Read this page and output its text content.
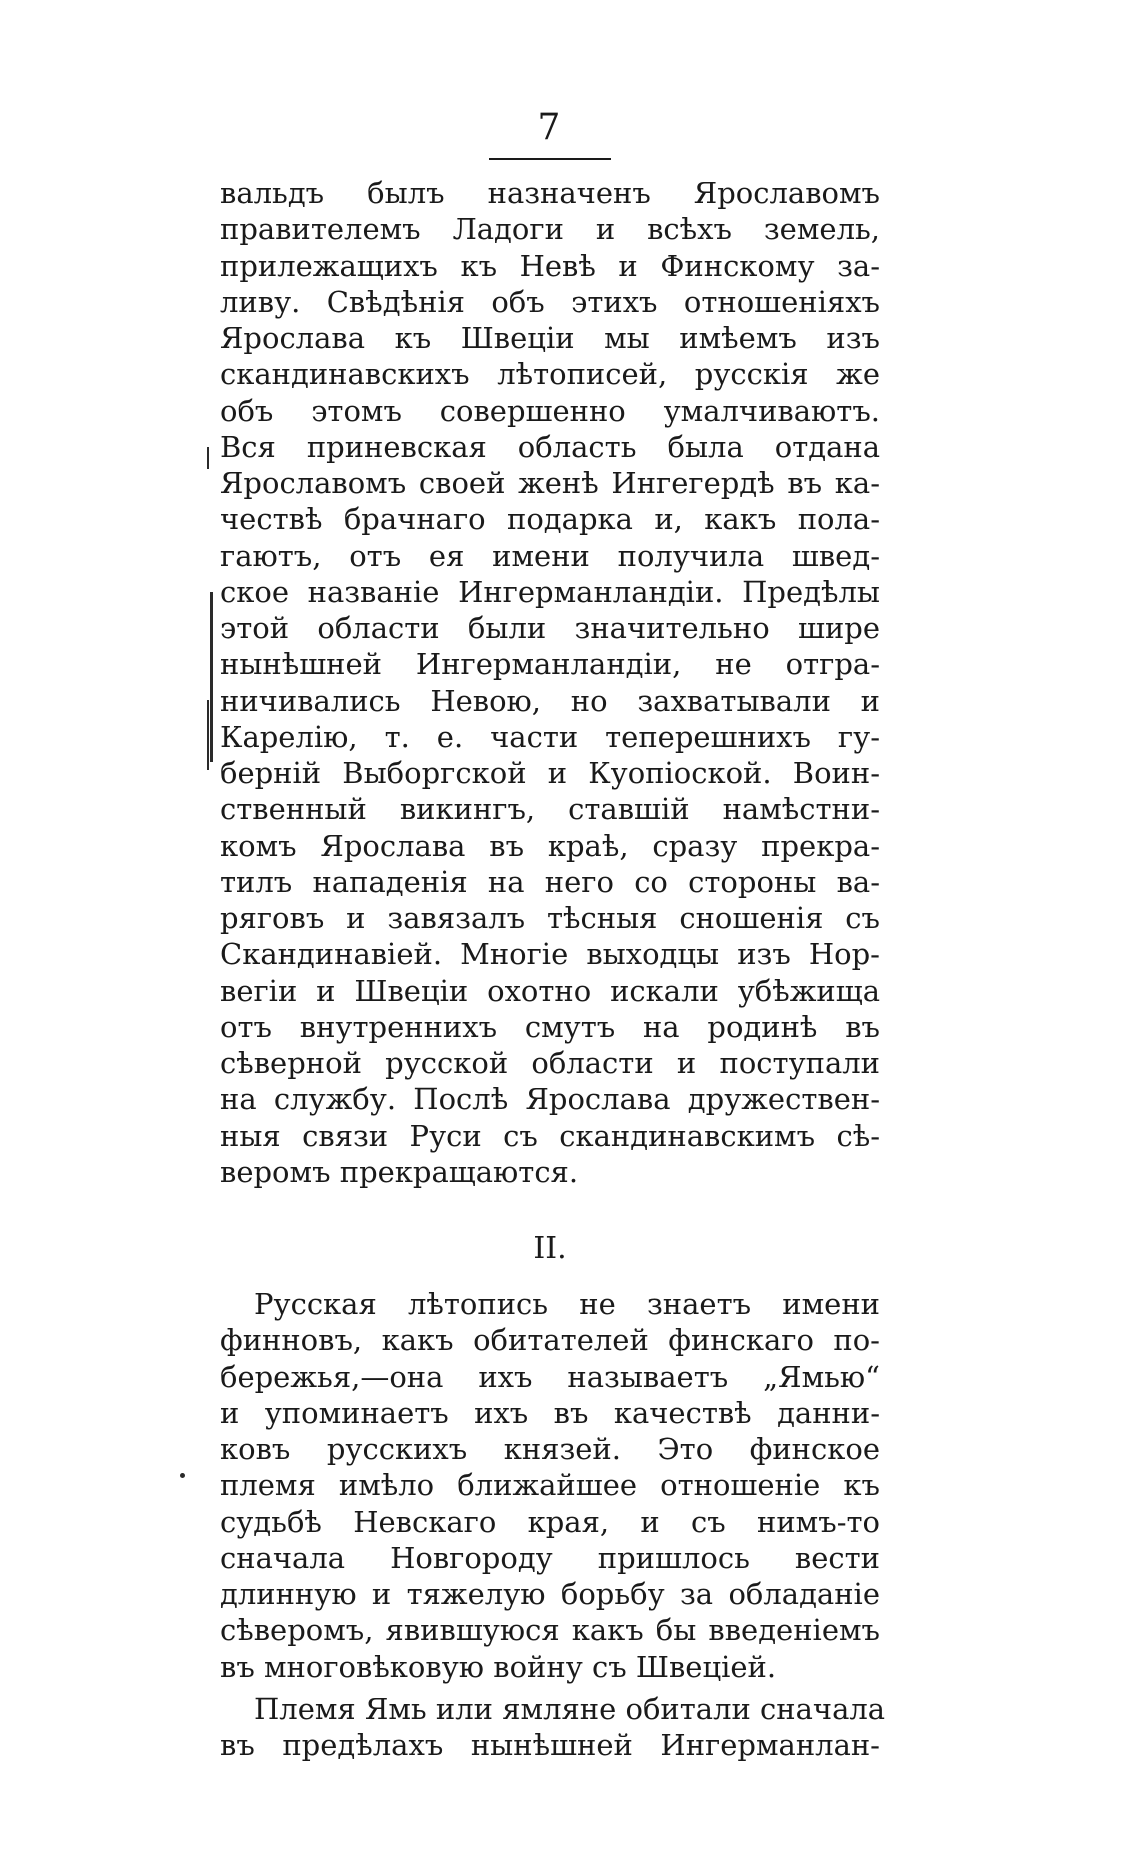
7
вальдъ былъ назначенъ Ярославомъ
правителемъ Ладоги и всѣхъ земель,
прилежащихъ къ Невѣ и Финскому за-
ливу. Свѣдѣнія объ этихъ отношеніяхъ
Ярослава къ Швеціи мы имѣемъ изъ
скандинавскихъ лѣтописей, русскія же
объ этомъ совершенно умалчиваютъ.
Вся приневская область была отдана
Ярославомъ своей женѣ Ингегердѣ въ ка-
чествѣ брачнаго подарка и, какъ пола-
гаютъ, отъ ея имени получила швед-
ское названіе Ингерманландіи. Предѣлы
этой области были значительно шире
нынѣшней Ингерманландіи, не отгра-
ничивались Невою, но захватывали и
Карелію, т. е. части теперешнихъ гу-
берній Выборгской и Куопіоской. Воин-
ственный викингъ, ставшій намѣстни-
комъ Ярослава въ краѣ, сразу прекра-
тилъ нападенія на него со стороны ва-
ряговъ и завязалъ тѣсныя сношенія съ
Скандинавіей. Многіе выходцы изъ Нор-
вегіи и Швеціи охотно искали убѣжища
отъ внутреннихъ смутъ на родинѣ въ
сѣверной русской области и поступали
на службу. Послѣ Ярослава дружествен-
ныя связи Руси съ скандинавскимъ сѣ-
веромъ прекращаются.
II.
Русская лѣтопись не знаетъ имени
финновъ, какъ обитателей финскаго по-
бережья,—она ихъ называетъ „Ямью“
и упоминаетъ ихъ въ качествѣ данни-
ковъ русскихъ князей. Это финское
племя имѣло ближайшее отношеніе къ
судьбѣ Невскаго края, и съ нимъ-то
сначала Новгороду пришлось вести
длинную и тяжелую борьбу за обладаніе
сѣверомъ, явившуюся какъ бы введеніемъ
въ многовѣковую войну съ Швеціей.
Племя Ямь или ямляне обитали сначала
въ предѣлахъ нынѣшней Ингерманлан-
